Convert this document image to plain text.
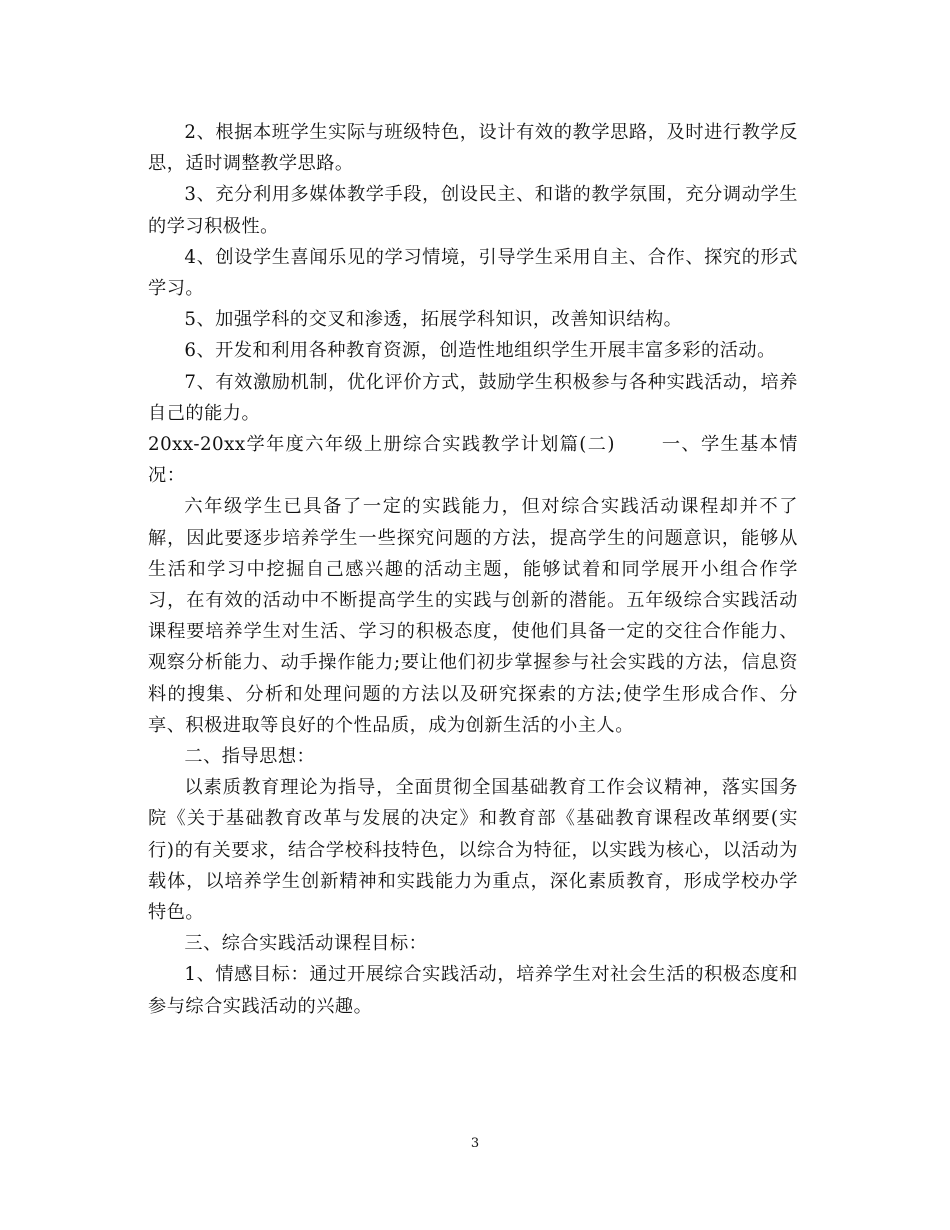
2、根据本班学生实际与班级特色，设计有效的教学思路，及时进行教学反思，适时调整教学思路。

3、充分利用多媒体教学手段，创设民主、和谐的教学氛围，充分调动学生的学习积极性。

4、创设学生喜闻乐见的学习情境，引导学生采用自主、合作、探究的形式学习。

5、加强学科的交叉和渗透，拓展学科知识，改善知识结构。

6、开发和利用各种教育资源，创造性地组织学生开展丰富多彩的活动。

7、有效激励机制，优化评价方式，鼓励学生积极参与各种实践活动，培养自己的能力。

20xx-20xx学年度六年级上册综合实践教学计划篇(二)	一、学生基本情况：

六年级学生已具备了一定的实践能力，但对综合实践活动课程却并不了解，因此要逐步培养学生一些探究问题的方法，提高学生的问题意识，能够从生活和学习中挖掘自己感兴趣的活动主题，能够试着和同学展开小组合作学习，在有效的活动中不断提高学生的实践与创新的潜能。五年级综合实践活动课程要培养学生对生活、学习的积极态度，使他们具备一定的交往合作能力、观察分析能力、动手操作能力;要让他们初步掌握参与社会实践的方法，信息资料的搜集、分析和处理问题的方法以及研究探索的方法;使学生形成合作、分享、积极进取等良好的个性品质，成为创新生活的小主人。

二、指导思想：

以素质教育理论为指导，全面贯彻全国基础教育工作会议精神，落实国务院《关于基础教育改革与发展的决定》和教育部《基础教育课程改革纲要(实行)的有关要求，结合学校科技特色，以综合为特征，以实践为核心，以活动为载体，以培养学生创新精神和实践能力为重点，深化素质教育，形成学校办学特色。

三、综合实践活动课程目标：

1、情感目标：通过开展综合实践活动，培养学生对社会生活的积极态度和参与综合实践活动的兴趣。

3
